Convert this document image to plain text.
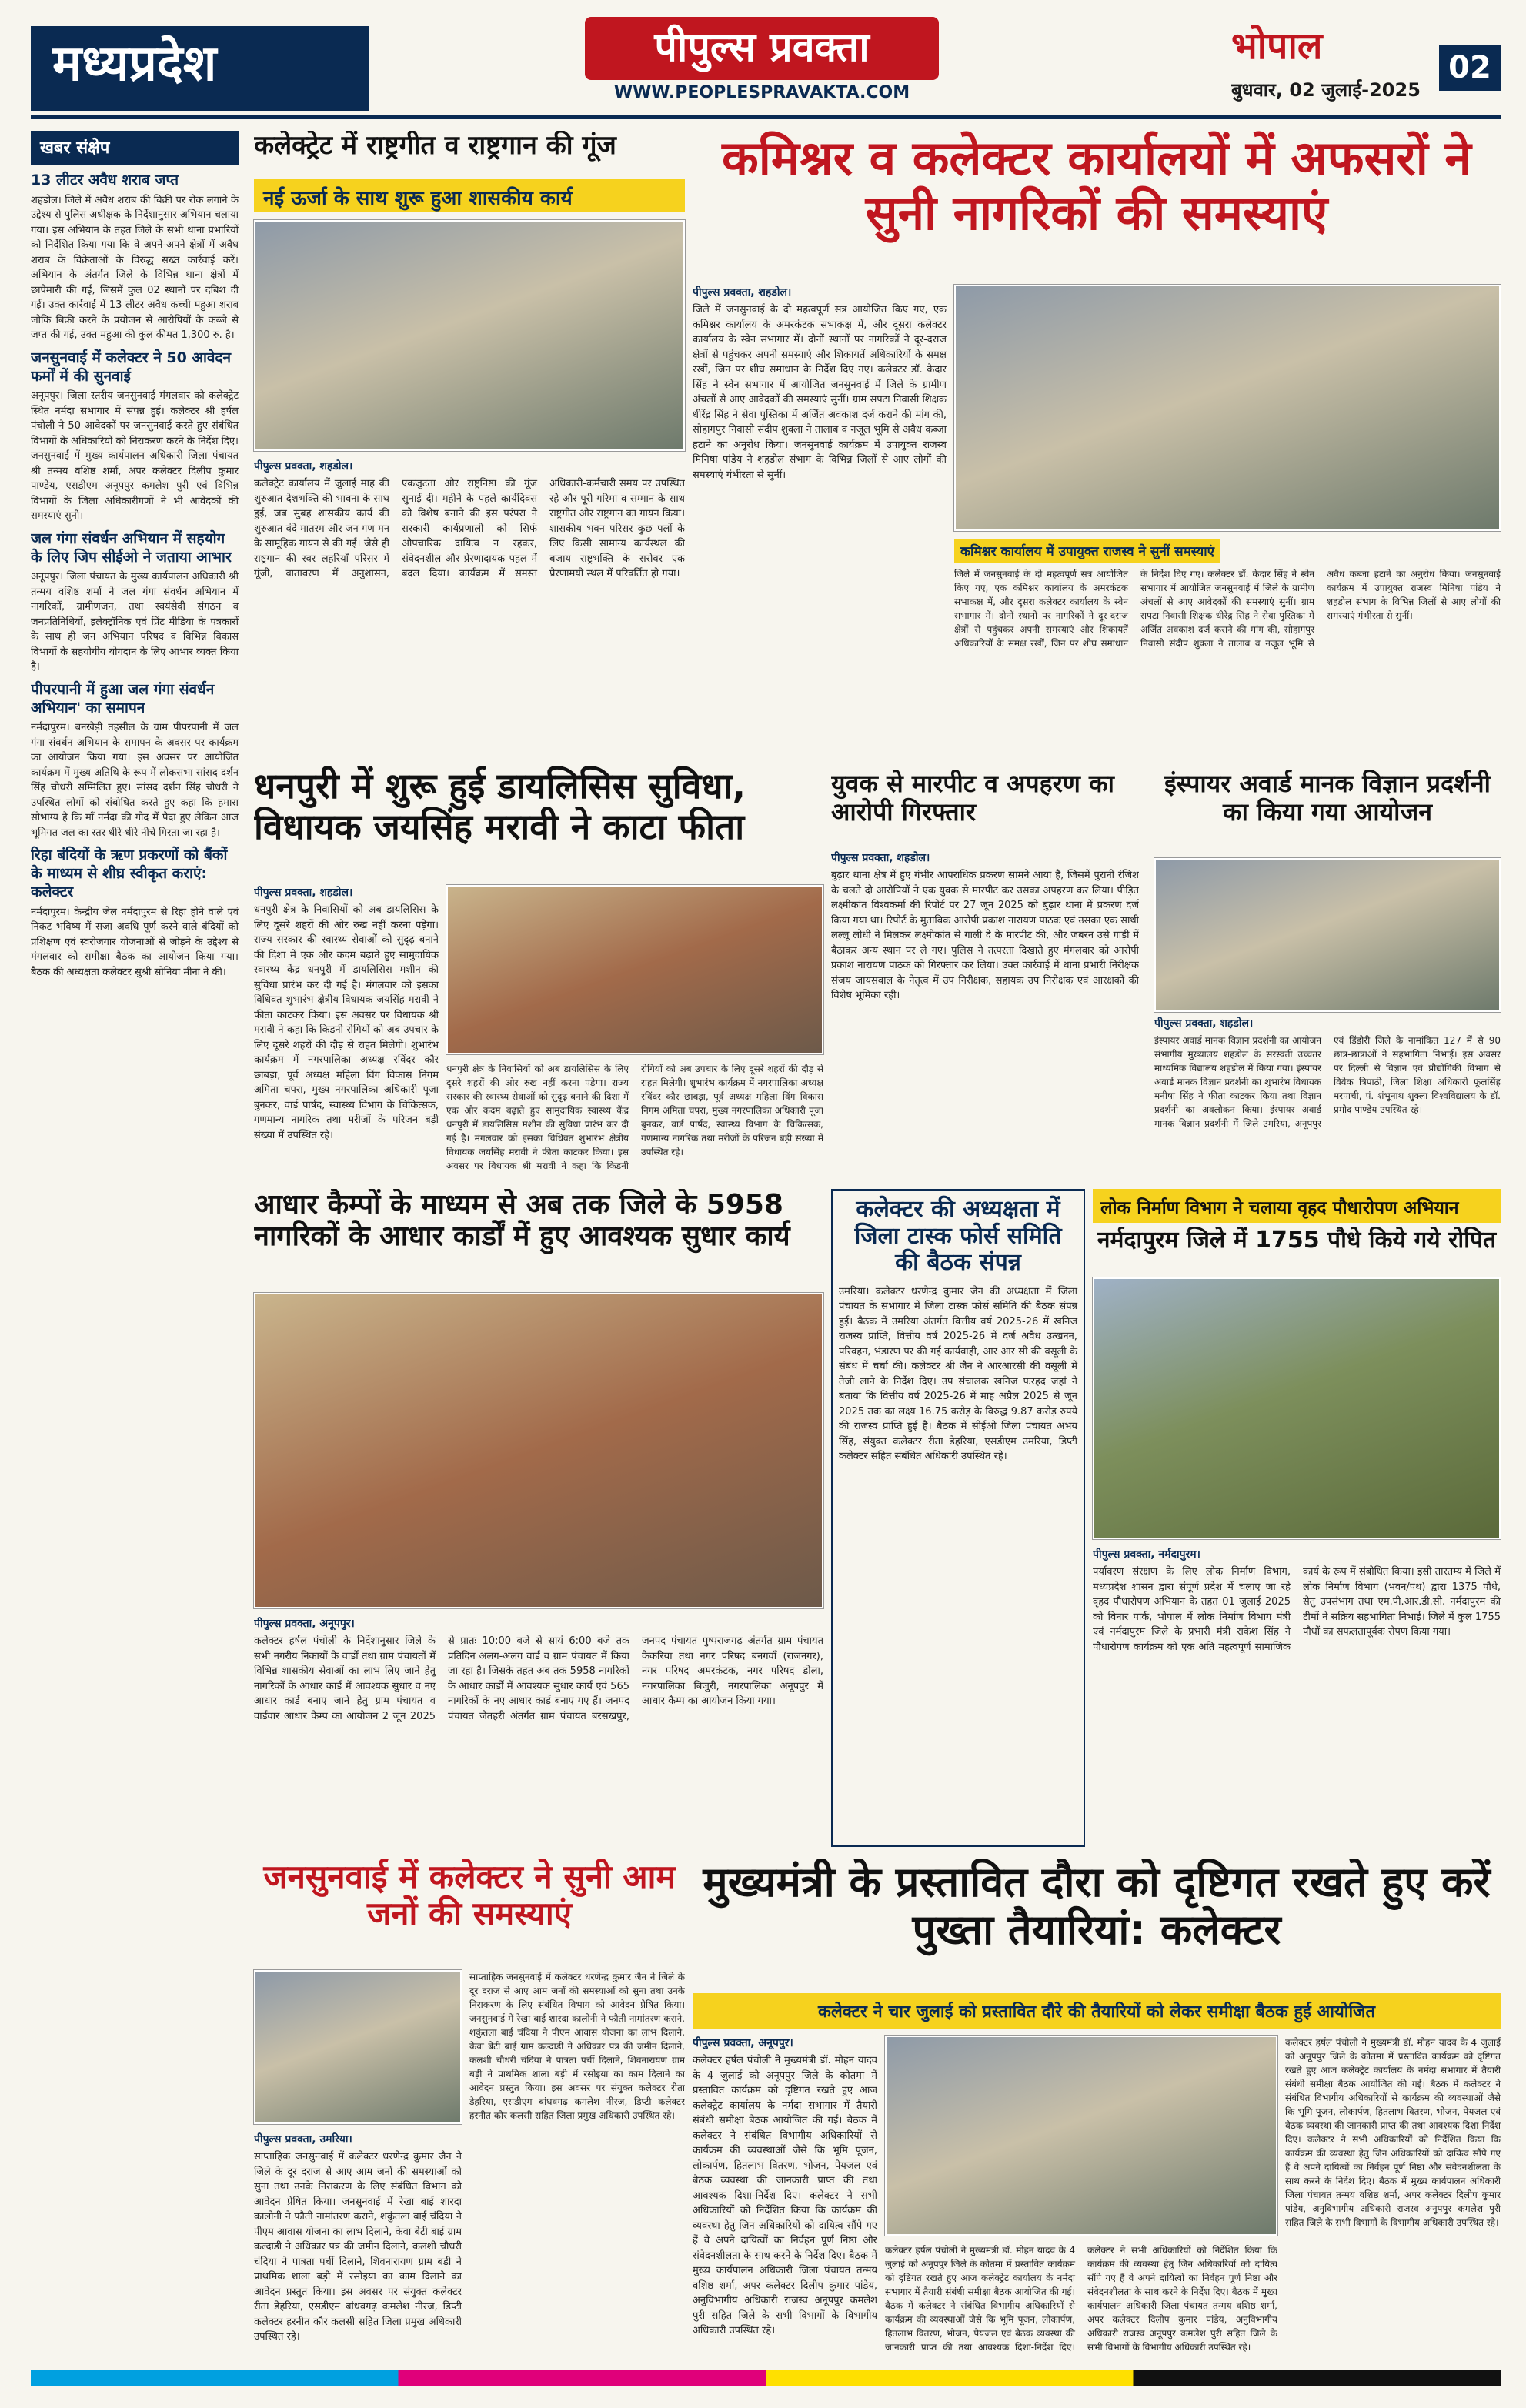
मध्यप्रदेश	पीपुल्स प्रवक्ता
WWW.PEOPLESPRAVAKTA.COM
भोपाल	02
बुधवार, 02 जुलाई-2025
खबर संक्षेप
13 लीटर अवैध शराब जप्त
शहडोल। जिले में अवैध शराब की बिक्री पर रोक लगाने के उद्देश्य से पुलिस अधीक्षक के निर्देशानुसार अभियान चलाया गया। इस अभियान के तहत जिले के सभी थाना प्रभारियों को निर्देशित किया गया कि वे अपने-अपने क्षेत्रों में अवैध शराब के विक्रेताओं के विरुद्ध सख्त कार्रवाई करें। अभियान के अंतर्गत जिले के विभिन्न थाना क्षेत्रों में छापेमारी की गई, जिसमें कुल 02 स्थानों पर दबिश दी गई। उक्त कार्रवाई में 13 लीटर अवैध कच्ची महुआ शराब जोकि बिक्री करने के प्रयोजन से आरोपियों के कब्जे से जप्त की गई, उक्त महुआ की कुल कीमत 1,300 रु. है।
जनसुनवाई में कलेक्टर ने 50 आवेदन फर्मों में की सुनवाई
अनूपपुर। जिला स्तरीय जनसुनवाई मंगलवार को कलेक्ट्रेट स्थित नर्मदा सभागार में संपन्न हुई। कलेक्टर श्री हर्षल पंचोली ने 50 आवेदकों पर जनसुनवाई करते हुए संबंधित विभागों के अधिकारियों को निराकरण करने के निर्देश दिए। जनसुनवाई में मुख्य कार्यपालन अधिकारी जिला पंचायत श्री तन्मय वशिष्ठ शर्मा, अपर कलेक्टर दिलीप कुमार पाण्डेय, एसडीएम अनूपपुर कमलेश पुरी एवं विभिन्न विभागों के जिला अधिकारीगणों ने भी आवेदकों की समस्याएं सुनी।
जल गंगा संवर्धन अभियान में सहयोग के लिए जिप सीईओ ने जताया आभार
अनूपपुर। जिला पंचायत के मुख्य कार्यपालन अधिकारी श्री तन्मय वशिष्ठ शर्मा ने जल गंगा संवर्धन अभियान में नागरिकों, ग्रामीणजन, तथा स्वयंसेवी संगठन व जनप्रतिनिधियों, इलेक्ट्रॉनिक एवं प्रिंट मीडिया के पत्रकारों के साथ ही जन अभियान परिषद व विभिन्न विकास विभागों के सहयोगीय योगदान के लिए आभार व्यक्त किया है।
पीपरपानी में हुआ जल गंगा संवर्धन अभियान' का समापन
नर्मदापुरम। बनखेड़ी तहसील के ग्राम पीपरपानी में जल गंगा संवर्धन अभियान के समापन के अवसर पर कार्यक्रम का आयोजन किया गया। इस अवसर पर आयोजित कार्यक्रम में मुख्य अतिथि के रूप में लोकसभा सांसद दर्शन सिंह चौधरी सम्मिलित हुए। सांसद दर्शन सिंह चौधरी ने उपस्थित लोगों को संबोधित करते हुए कहा कि हमारा सौभाग्य है कि माँ नर्मदा की गोद में पैदा हुए लेकिन आज भूमिगत जल का स्तर धीरे-धीरे नीचे गिरता जा रहा है।
रिहा बंदियों के ऋण प्रकरणों को बैंकों के माध्यम से शीघ्र स्वीकृत कराएं: कलेक्टर
नर्मदापुरम। केन्द्रीय जेल नर्मदापुरम से रिहा होने वाले एवं निकट भविष्य में सजा अवधि पूर्ण करने वाले बंदियों को प्रशिक्षण एवं स्वरोजगार योजनाओं से जोड़ने के उद्देश्य से मंगलवार को समीक्षा बैठक का आयोजन किया गया। बैठक की अध्यक्षता कलेक्टर सुश्री सोनिया मीना ने की।
कलेक्ट्रेट में राष्ट्रगीत व राष्ट्रगान की गूंज
नई ऊर्जा के साथ शुरू हुआ शासकीय कार्य
पीपुल्स प्रवक्ता, शहडोल।
कलेक्ट्रेट कार्यालय में जुलाई माह की शुरुआत देशभक्ति की भावना के साथ हुई, जब सुबह शासकीय कार्य की शुरुआत वंदे मातरम और जन गण मन के सामूहिक गायन से की गई। जैसे ही राष्ट्रगान की स्वर लहरियाँ परिसर में गूंजी, वातावरण में अनुशासन, एकजुटता और राष्ट्रनिष्ठा की गूंज सुनाई दी। महीने के पहले कार्यदिवस को विशेष बनाने की इस परंपरा ने सरकारी कार्यप्रणाली को सिर्फ औपचारिक दायित्व न रहकर, संवेदनशील और प्रेरणादायक पहल में बदल दिया। कार्यक्रम में समस्त अधिकारी-कर्मचारी समय पर उपस्थित रहे और पूरी गरिमा व सम्मान के साथ राष्ट्रगीत और राष्ट्रगान का गायन किया। शासकीय भवन परिसर कुछ पलों के लिए किसी सामान्य कार्यस्थल की बजाय राष्ट्रभक्ति के सरोवर एक प्रेरणामयी स्थल में परिवर्तित हो गया।
कमिश्नर व कलेक्टर कार्यालयों में अफसरों ने सुनी नागरिकों की समस्याएं
पीपुल्स प्रवक्ता, शहडोल।
जिले में जनसुनवाई के दो महत्वपूर्ण सत्र आयोजित किए गए, एक कमिश्नर कार्यालय के अमरकंटक सभाकक्ष में, और दूसरा कलेक्टर कार्यालय के स्वेन सभागार में। दोनों स्थानों पर नागरिकों ने दूर-दराज क्षेत्रों से पहुंचकर अपनी समस्याएं और शिकायतें अधिकारियों के समक्ष रखीं, जिन पर शीघ्र समाधान के निर्देश दिए गए। कलेक्टर डॉ. केदार सिंह ने स्वेन सभागार में आयोजित जनसुनवाई में जिले के ग्रामीण अंचलों से आए आवेदकों की समस्याएं सुनीं। ग्राम सपटा निवासी शिक्षक धीरेंद्र सिंह ने सेवा पुस्तिका में अर्जित अवकाश दर्ज कराने की मांग की, सोहागपुर निवासी संदीप शुक्ला ने तालाब व नजूल भूमि से अवैध कब्जा हटाने का अनुरोध किया। जनसुनवाई कार्यक्रम में उपायुक्त राजस्व मिनिषा पांडेय ने शहडोल संभाग के विभिन्न जिलों से आए लोगों की समस्याएं गंभीरता से सुनीं।
कमिश्नर कार्यालय में उपायुक्त राजस्व ने सुनीं समस्याएं
जिले में जनसुनवाई के दो महत्वपूर्ण सत्र आयोजित किए गए, एक कमिश्नर कार्यालय के अमरकंटक सभाकक्ष में, और दूसरा कलेक्टर कार्यालय के स्वेन सभागार में। दोनों स्थानों पर नागरिकों ने दूर-दराज क्षेत्रों से पहुंचकर अपनी समस्याएं और शिकायतें अधिकारियों के समक्ष रखीं, जिन पर शीघ्र समाधान के निर्देश दिए गए। कलेक्टर डॉ. केदार सिंह ने स्वेन सभागार में आयोजित जनसुनवाई में जिले के ग्रामीण अंचलों से आए आवेदकों की समस्याएं सुनीं। ग्राम सपटा निवासी शिक्षक धीरेंद्र सिंह ने सेवा पुस्तिका में अर्जित अवकाश दर्ज कराने की मांग की, सोहागपुर निवासी संदीप शुक्ला ने तालाब व नजूल भूमि से अवैध कब्जा हटाने का अनुरोध किया। जनसुनवाई कार्यक्रम में उपायुक्त राजस्व मिनिषा पांडेय ने शहडोल संभाग के विभिन्न जिलों से आए लोगों की समस्याएं गंभीरता से सुनीं।
धनपुरी में शुरू हुई डायलिसिस सुविधा, विधायक जयसिंह मरावी ने काटा फीता
पीपुल्स प्रवक्ता, शहडोल।
धनपुरी क्षेत्र के निवासियों को अब डायलिसिस के लिए दूसरे शहरों की ओर रुख नहीं करना पड़ेगा। राज्य सरकार की स्वास्थ्य सेवाओं को सुदृढ़ बनाने की दिशा में एक और कदम बढ़ाते हुए सामुदायिक स्वास्थ्य केंद्र धनपुरी में डायलिसिस मशीन की सुविधा प्रारंभ कर दी गई है। मंगलवार को इसका विधिवत शुभारंभ क्षेत्रीय विधायक जयसिंह मरावी ने फीता काटकर किया। इस अवसर पर विधायक श्री मरावी ने कहा कि किडनी रोगियों को अब उपचार के लिए दूसरे शहरों की दौड़ से राहत मिलेगी। शुभारंभ कार्यक्रम में नगरपालिका अध्यक्ष रविंदर कौर छाबड़ा, पूर्व अध्यक्ष महिला विंग विकास निगम अमिता चपरा, मुख्य नगरपालिका अधिकारी पूजा बुनकर, वार्ड पार्षद, स्वास्थ्य विभाग के चिकित्सक, गणमान्य नागरिक तथा मरीजों के परिजन बड़ी संख्या में उपस्थित रहे।
धनपुरी क्षेत्र के निवासियों को अब डायलिसिस के लिए दूसरे शहरों की ओर रुख नहीं करना पड़ेगा। राज्य सरकार की स्वास्थ्य सेवाओं को सुदृढ़ बनाने की दिशा में एक और कदम बढ़ाते हुए सामुदायिक स्वास्थ्य केंद्र धनपुरी में डायलिसिस मशीन की सुविधा प्रारंभ कर दी गई है। मंगलवार को इसका विधिवत शुभारंभ क्षेत्रीय विधायक जयसिंह मरावी ने फीता काटकर किया। इस अवसर पर विधायक श्री मरावी ने कहा कि किडनी रोगियों को अब उपचार के लिए दूसरे शहरों की दौड़ से राहत मिलेगी। शुभारंभ कार्यक्रम में नगरपालिका अध्यक्ष रविंदर कौर छाबड़ा, पूर्व अध्यक्ष महिला विंग विकास निगम अमिता चपरा, मुख्य नगरपालिका अधिकारी पूजा बुनकर, वार्ड पार्षद, स्वास्थ्य विभाग के चिकित्सक, गणमान्य नागरिक तथा मरीजों के परिजन बड़ी संख्या में उपस्थित रहे।
युवक से मारपीट व अपहरण का आरोपी गिरफ्तार
पीपुल्स प्रवक्ता, शहडोल।
बुढ़ार थाना क्षेत्र में हुए गंभीर आपराधिक प्रकरण सामने आया है, जिसमें पुरानी रंजिश के चलते दो आरोपियों ने एक युवक से मारपीट कर उसका अपहरण कर लिया। पीड़ित लक्ष्मीकांत विश्वकर्मा की रिपोर्ट पर 27 जून 2025 को बुढ़ार थाना में प्रकरण दर्ज किया गया था। रिपोर्ट के मुताबिक आरोपी प्रकाश नारायण पाठक एवं उसका एक साथी लल्लू लोधी ने मिलकर लक्ष्मीकांत से गाली दे के मारपीट की, और जबरन उसे गाड़ी में बैठाकर अन्य स्थान पर ले गए। पुलिस ने तत्परता दिखाते हुए मंगलवार को आरोपी प्रकाश नारायण पाठक को गिरफ्तार कर लिया। उक्त कार्रवाई में थाना प्रभारी निरीक्षक संजय जायसवाल के नेतृत्व में उप निरीक्षक, सहायक उप निरीक्षक एवं आरक्षकों की विशेष भूमिका रही।
इंस्पायर अवार्ड मानक विज्ञान प्रदर्शनी का किया गया आयोजन
पीपुल्स प्रवक्ता, शहडोल।
इंस्पायर अवार्ड मानक विज्ञान प्रदर्शनी का आयोजन संभागीय मुख्यालय शहडोल के सरस्वती उच्चतर माध्यमिक विद्यालय शहडोल में किया गया। इंस्पायर अवार्ड मानक विज्ञान प्रदर्शनी का शुभारंभ विधायक मनीषा सिंह ने फीता काटकर किया तथा विज्ञान प्रदर्शनी का अवलोकन किया। इंस्पायर अवार्ड मानक विज्ञान प्रदर्शनी में जिले उमरिया, अनूपपुर एवं डिंडोरी जिले के नामांकित 127 में से 90 छात्र-छात्राओं ने सहभागिता निभाई। इस अवसर पर दिल्ली से विज्ञान एवं प्रौद्योगिकी विभाग से विवेक त्रिपाठी, जिला शिक्षा अधिकारी फूलसिंह मरपाची, पं. शंभूनाथ शुक्ला विश्वविद्यालय के डॉ. प्रमोद पाण्डेय उपस्थित रहे।
आधार कैम्पों के माध्यम से अब तक जिले के 5958 नागरिकों के आधार कार्डों में हुए आवश्यक सुधार कार्य
पीपुल्स प्रवक्ता, अनूपपुर।
कलेक्टर हर्षल पंचोली के निर्देशानुसार जिले के सभी नगरीय निकायों के वार्डों तथा ग्राम पंचायतों में विभिन्न शासकीय सेवाओं का लाभ लिए जाने हेतु नागरिकों के आधार कार्ड में आवश्यक सुधार व नए आधार कार्ड बनाए जाने हेतु ग्राम पंचायत व वार्डवार आधार कैम्प का आयोजन 2 जून 2025 से प्रातः 10:00 बजे से सायं 6:00 बजे तक प्रतिदिन अलग-अलग वार्ड व ग्राम पंचायत में किया जा रहा है। जिसके तहत अब तक 5958 नागरिकों के आधार कार्डों में आवश्यक सुधार कार्य एवं 565 नागरिकों के नए आधार कार्ड बनाए गए हैं। जनपद पंचायत जैतहरी अंतर्गत ग्राम पंचायत बरसखपुर, जनपद पंचायत पुष्पराजगढ़ अंतर्गत ग्राम पंचायत केकरिया तथा नगर परिषद बनगवाँ (राजनगर), नगर परिषद अमरकंटक, नगर परिषद डोला, नगरपालिका बिजुरी, नगरपालिका अनूपपुर में आधार कैम्प का आयोजन किया गया।
कलेक्टर की अध्यक्षता में जिला टास्क फोर्स समिति की बैठक संपन्न
उमरिया। कलेक्टर धरणेन्द्र कुमार जैन की अध्यक्षता में जिला पंचायत के सभागार में जिला टास्क फोर्स समिति की बैठक संपन्न हुई। बैठक में उमरिया अंतर्गत वित्तीय वर्ष 2025-26 में खनिज राजस्व प्राप्ति, वित्तीय वर्ष 2025-26 में दर्ज अवैध उत्खनन, परिवहन, भंडारण पर की गई कार्यवाही, आर आर सी की वसूली के संबंध में चर्चा की। कलेक्टर श्री जैन ने आरआरसी की वसूली में तेजी लाने के निर्देश दिए। उप संचालक खनिज फरहद जहां ने बताया कि वित्तीय वर्ष 2025-26 में माह अप्रैल 2025 से जून 2025 तक का लक्ष्य 16.75 करोड़ के विरुद्ध 9.87 करोड़ रुपये की राजस्व प्राप्ति हुई है। बैठक में सीईओ जिला पंचायत अभय सिंह, संयुक्त कलेक्टर रीता डेहरिया, एसडीएम उमरिया, डिप्टी कलेक्टर सहित संबंधित अधिकारी उपस्थित रहे।
लोक निर्माण विभाग ने चलाया वृहद पौधारोपण अभियान
नर्मदापुरम जिले में 1755 पौधे किये गये रोपित
पीपुल्स प्रवक्ता, नर्मदापुरम।
पर्यावरण संरक्षण के लिए लोक निर्माण विभाग, मध्यप्रदेश शासन द्वारा संपूर्ण प्रदेश में चलाए जा रहे वृहद पौधारोपण अभियान के तहत 01 जुलाई 2025 को विनार पार्क, भोपाल में लोक निर्माण विभाग मंत्री एवं नर्मदापुरम जिले के प्रभारी मंत्री राकेश सिंह ने पौधारोपण कार्यक्रम को एक अति महत्वपूर्ण सामाजिक कार्य के रूप में संबोधित किया। इसी तारतम्य में जिले में लोक निर्माण विभाग (भवन/पथ) द्वारा 1375 पौधे, सेतु उपसंभाग तथा एम.पी.आर.डी.सी. नर्मदापुरम की टीमों ने सक्रिय सहभागिता निभाई। जिले में कुल 1755 पौधों का सफलतापूर्वक रोपण किया गया।
जनसुनवाई में कलेक्टर ने सुनी आम जनों की समस्याएं
पीपुल्स प्रवक्ता, उमरिया।
साप्ताहिक जनसुनवाई में कलेक्टर धरणेन्द्र कुमार जैन ने जिले के दूर दराज से आए आम जनों की समस्याओं को सुना तथा उनके निराकरण के लिए संबंधित विभाग को आवेदन प्रेषित किया। जनसुनवाई में रेखा बाई शारदा कालोनी ने फौती नामांतरण कराने, शकुंतला बाई चंदिया ने पीएम आवास योजना का लाभ दिलाने, केवा बेटी बाई ग्राम कल्दाडी ने अधिकार पत्र की जमीन दिलाने, कलशी चौधरी चंदिया ने पात्रता पर्ची दिलाने, शिवनारायण ग्राम बड़ी ने प्राथमिक शाला बड़ी में रसोइया का काम दिलाने का आवेदन प्रस्तुत किया। इस अवसर पर संयुक्त कलेक्टर रीता डेहरिया, एसडीएम बांधवगढ़ कमलेश नीरज, डिप्टी कलेक्टर हरनीत कौर कलसी सहित जिला प्रमुख अधिकारी उपस्थित रहे।
साप्ताहिक जनसुनवाई में कलेक्टर धरणेन्द्र कुमार जैन ने जिले के दूर दराज से आए आम जनों की समस्याओं को सुना तथा उनके निराकरण के लिए संबंधित विभाग को आवेदन प्रेषित किया। जनसुनवाई में रेखा बाई शारदा कालोनी ने फौती नामांतरण कराने, शकुंतला बाई चंदिया ने पीएम आवास योजना का लाभ दिलाने, केवा बेटी बाई ग्राम कल्दाडी ने अधिकार पत्र की जमीन दिलाने, कलशी चौधरी चंदिया ने पात्रता पर्ची दिलाने, शिवनारायण ग्राम बड़ी ने प्राथमिक शाला बड़ी में रसोइया का काम दिलाने का आवेदन प्रस्तुत किया। इस अवसर पर संयुक्त कलेक्टर रीता डेहरिया, एसडीएम बांधवगढ़ कमलेश नीरज, डिप्टी कलेक्टर हरनीत कौर कलसी सहित जिला प्रमुख अधिकारी उपस्थित रहे।
मुख्यमंत्री के प्रस्तावित दौरा को दृष्टिगत रखते हुए करें पुख्ता तैयारियां: कलेक्टर
कलेक्टर ने चार जुलाई को प्रस्तावित दौरे की तैयारियों को लेकर समीक्षा बैठक हुई आयोजित
पीपुल्स प्रवक्ता, अनूपपुर।
कलेक्टर हर्षल पंचोली ने मुख्यमंत्री डॉ. मोहन यादव के 4 जुलाई को अनूपपुर जिले के कोतमा में प्रस्तावित कार्यक्रम को दृष्टिगत रखते हुए आज कलेक्ट्रेट कार्यालय के नर्मदा सभागार में तैयारी संबंधी समीक्षा बैठक आयोजित की गई। बैठक में कलेक्टर ने संबंधित विभागीय अधिकारियों से कार्यक्रम की व्यवस्थाओं जैसे कि भूमि पूजन, लोकार्पण, हितलाभ वितरण, भोजन, पेयजल एवं बैठक व्यवस्था की जानकारी प्राप्त की तथा आवश्यक दिशा-निर्देश दिए। कलेक्टर ने सभी अधिकारियों को निर्देशित किया कि कार्यक्रम की व्यवस्था हेतु जिन अधिकारियों को दायित्व सौंपे गए हैं वे अपने दायित्वों का निर्वहन पूर्ण निष्ठा और संवेदनशीलता के साथ करने के निर्देश दिए। बैठक में मुख्य कार्यपालन अधिकारी जिला पंचायत तन्मय वशिष्ठ शर्मा, अपर कलेक्टर दिलीप कुमार पांडेय, अनुविभागीय अधिकारी राजस्व अनूपपुर कमलेश पुरी सहित जिले के सभी विभागों के विभागीय अधिकारी उपस्थित रहे।
कलेक्टर हर्षल पंचोली ने मुख्यमंत्री डॉ. मोहन यादव के 4 जुलाई को अनूपपुर जिले के कोतमा में प्रस्तावित कार्यक्रम को दृष्टिगत रखते हुए आज कलेक्ट्रेट कार्यालय के नर्मदा सभागार में तैयारी संबंधी समीक्षा बैठक आयोजित की गई। बैठक में कलेक्टर ने संबंधित विभागीय अधिकारियों से कार्यक्रम की व्यवस्थाओं जैसे कि भूमि पूजन, लोकार्पण, हितलाभ वितरण, भोजन, पेयजल एवं बैठक व्यवस्था की जानकारी प्राप्त की तथा आवश्यक दिशा-निर्देश दिए। कलेक्टर ने सभी अधिकारियों को निर्देशित किया कि कार्यक्रम की व्यवस्था हेतु जिन अधिकारियों को दायित्व सौंपे गए हैं वे अपने दायित्वों का निर्वहन पूर्ण निष्ठा और संवेदनशीलता के साथ करने के निर्देश दिए। बैठक में मुख्य कार्यपालन अधिकारी जिला पंचायत तन्मय वशिष्ठ शर्मा, अपर कलेक्टर दिलीप कुमार पांडेय, अनुविभागीय अधिकारी राजस्व अनूपपुर कमलेश पुरी सहित जिले के सभी विभागों के विभागीय अधिकारी उपस्थित रहे।
कलेक्टर हर्षल पंचोली ने मुख्यमंत्री डॉ. मोहन यादव के 4 जुलाई को अनूपपुर जिले के कोतमा में प्रस्तावित कार्यक्रम को दृष्टिगत रखते हुए आज कलेक्ट्रेट कार्यालय के नर्मदा सभागार में तैयारी संबंधी समीक्षा बैठक आयोजित की गई। बैठक में कलेक्टर ने संबंधित विभागीय अधिकारियों से कार्यक्रम की व्यवस्थाओं जैसे कि भूमि पूजन, लोकार्पण, हितलाभ वितरण, भोजन, पेयजल एवं बैठक व्यवस्था की जानकारी प्राप्त की तथा आवश्यक दिशा-निर्देश दिए। कलेक्टर ने सभी अधिकारियों को निर्देशित किया कि कार्यक्रम की व्यवस्था हेतु जिन अधिकारियों को दायित्व सौंपे गए हैं वे अपने दायित्वों का निर्वहन पूर्ण निष्ठा और संवेदनशीलता के साथ करने के निर्देश दिए। बैठक में मुख्य कार्यपालन अधिकारी जिला पंचायत तन्मय वशिष्ठ शर्मा, अपर कलेक्टर दिलीप कुमार पांडेय, अनुविभागीय अधिकारी राजस्व अनूपपुर कमलेश पुरी सहित जिले के सभी विभागों के विभागीय अधिकारी उपस्थित रहे।
